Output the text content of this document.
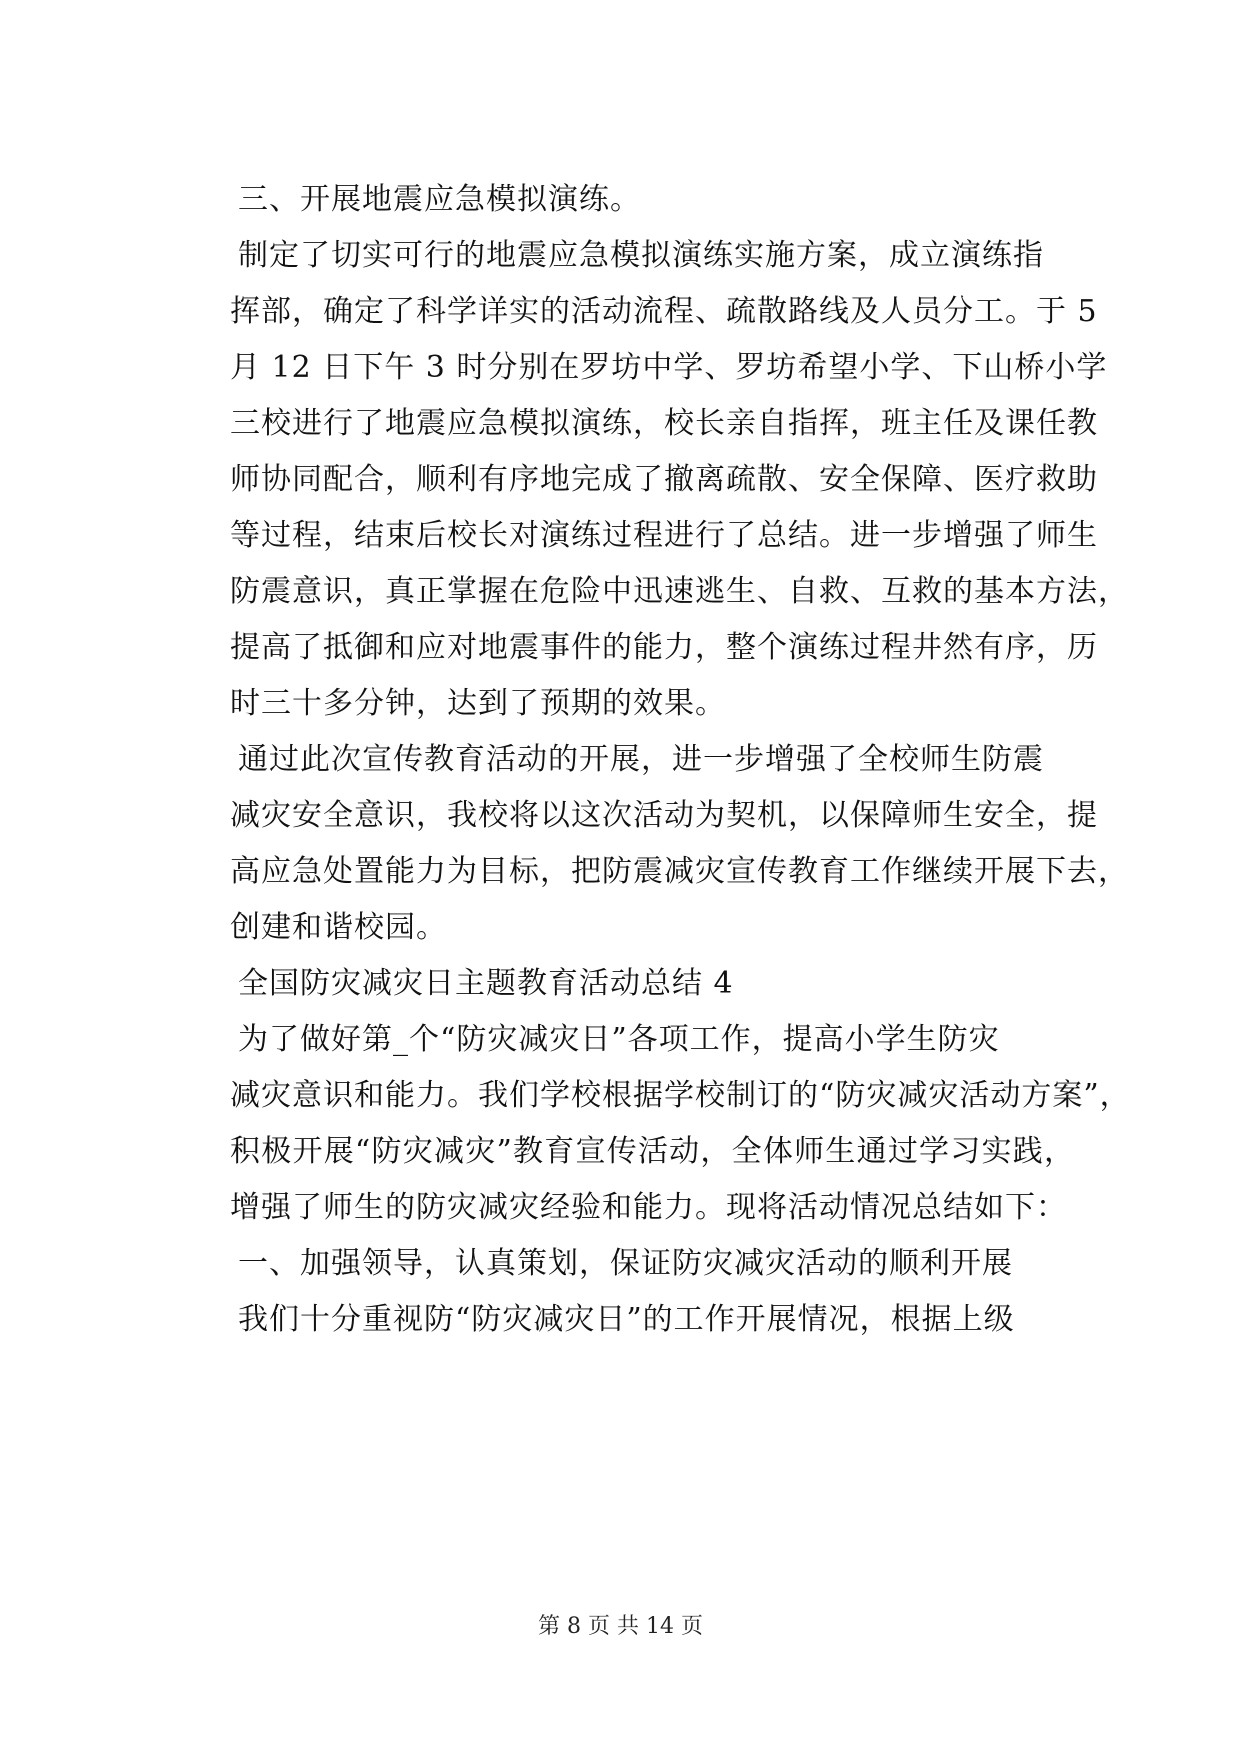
三、开展地震应急模拟演练。
制定了切实可行的地震应急模拟演练实施方案，成立演练指
挥部，确定了科学详实的活动流程、疏散路线及人员分工。于 5
月 12 日下午 3 时分别在罗坊中学、罗坊希望小学、下山桥小学
三校进行了地震应急模拟演练，校长亲自指挥，班主任及课任教
师协同配合，顺利有序地完成了撤离疏散、安全保障、医疗救助
等过程，结束后校长对演练过程进行了总结。进一步增强了师生
防震意识，真正掌握在危险中迅速逃生、自救、互救的基本方法，
提高了抵御和应对地震事件的能力，整个演练过程井然有序，历
时三十多分钟，达到了预期的效果。
通过此次宣传教育活动的开展，进一步增强了全校师生防震
减灾安全意识，我校将以这次活动为契机，以保障师生安全，提
高应急处置能力为目标，把防震减灾宣传教育工作继续开展下去，
创建和谐校园。
全国防灾减灾日主题教育活动总结 4
为了做好第_个“防灾减灾日”各项工作，提高小学生防灾
减灾意识和能力。我们学校根据学校制订的“防灾减灾活动方案”，
积极开展“防灾减灾”教育宣传活动，全体师生通过学习实践，
增强了师生的防灾减灾经验和能力。现将活动情况总结如下：
一、加强领导，认真策划，保证防灾减灾活动的顺利开展
我们十分重视防“防灾减灾日”的工作开展情况，根据上级
第 8 页 共 14 页
